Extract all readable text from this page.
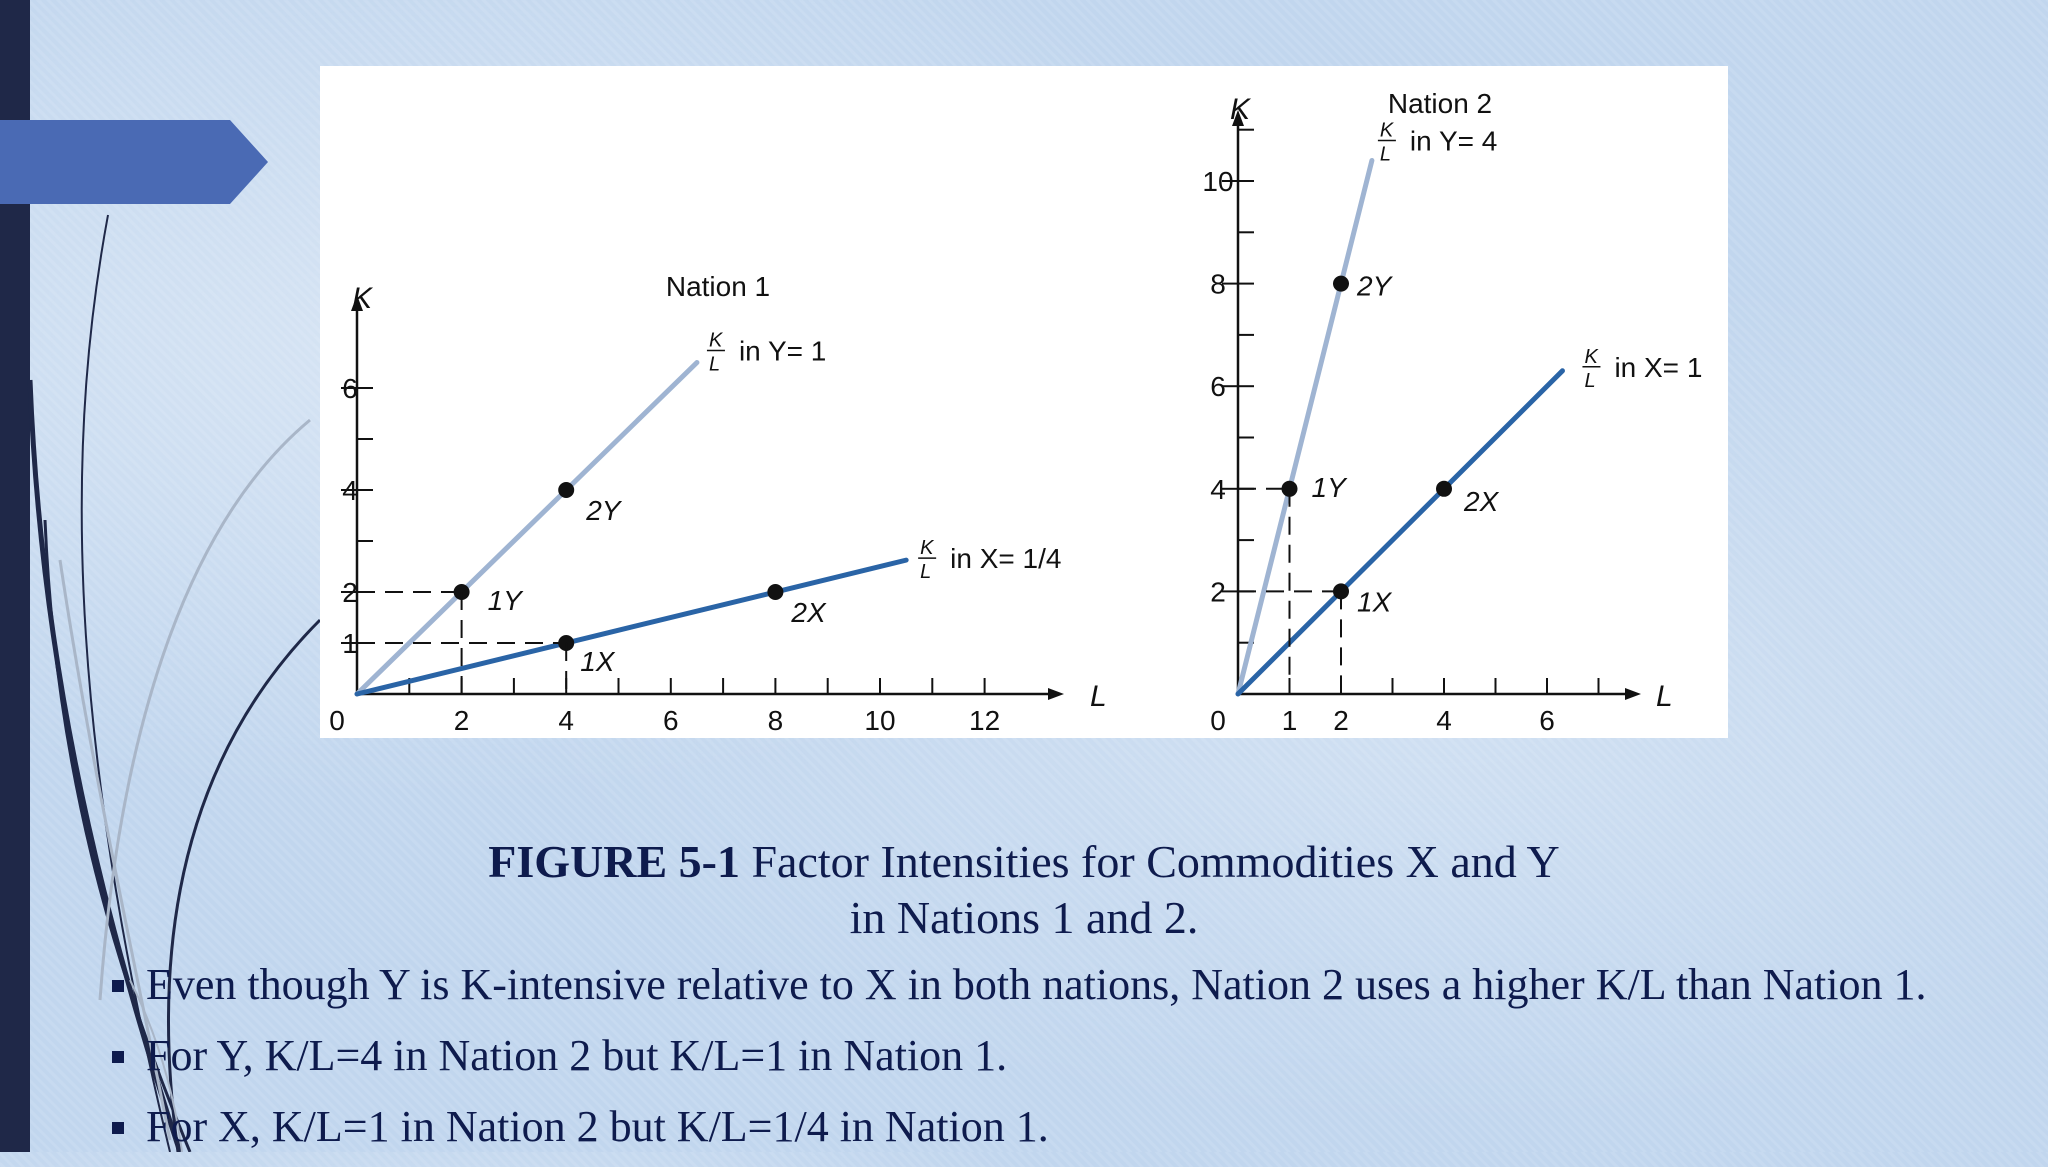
Nation 1
K
L
0	2	4	6	8	10	12
1
2
4
6
K
L in Y= 1
1Y
2Y
K
L in X= 1/4
1X
2X
Nation 2
K
L
0 1 2	4	6
2
4
6
8
10
K
L in Y= 4
1Y
2Y
K
L in X= 1
1X
2X
FIGURE 5-1 Factor Intensities for Commodities X and Y
in Nations 1 and 2.
Even though Y is K-intensive relative to X in both nations, Nation 2 uses a higher K/L than Nation 1.
For Y, K/L=4 in Nation 2 but K/L=1 in Nation 1.
For X, K/L=1 in Nation 2 but K/L=1/4 in Nation 1.
